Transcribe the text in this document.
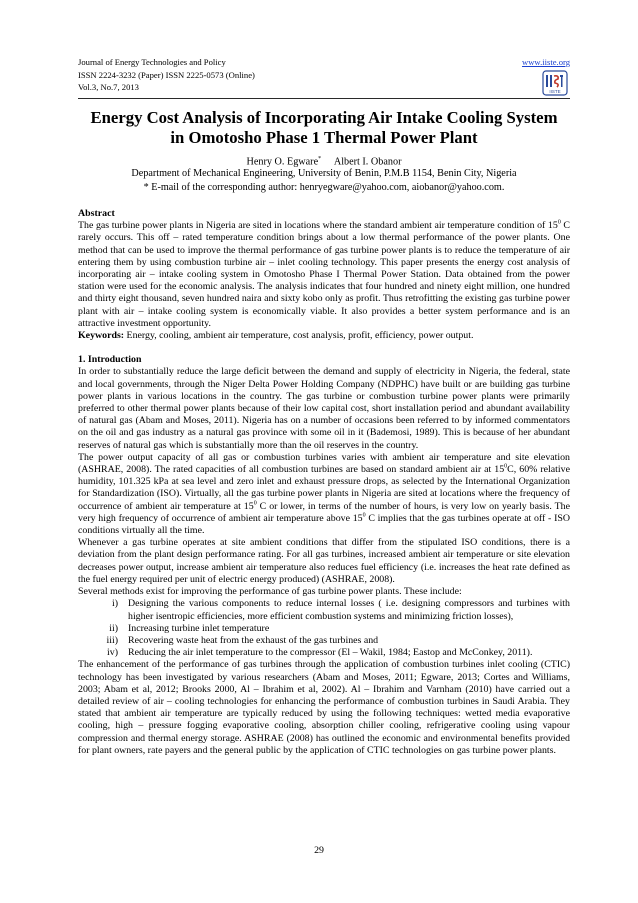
Journal of Energy Technologies and Policy	www.iiste.org
ISSN 2224-3232 (Paper) ISSN 2225-0573 (Online)
Vol.3, No.7, 2013	IISTE
Energy Cost Analysis of Incorporating Air Intake Cooling System
in Omotosho Phase 1 Thermal Power Plant
Henry O. Egware* Albert I. Obanor
Department of Mechanical Engineering, University of Benin, P.M.B 1154, Benin City, Nigeria
* E-mail of the corresponding author: henryegware@yahoo.com, aiobanor@yahoo.com.

Abstract

The gas turbine power plants in Nigeria are sited in locations where the standard ambient air temperature condition of $15^0$ C rarely occurs. This off – rated temperature condition brings about a low thermal performance of the power plants. One method that can be used to improve the thermal performance of gas turbine power plants is to reduce the temperature of air entering them by using combustion turbine air – inlet cooling technology. This paper presents the energy cost analysis of incorporating air – intake cooling system in Omotosho Phase I Thermal Power Station. Data obtained from the power station were used for the economic analysis. The analysis indicates that four hundred and ninety eight million, one hundred and thirty eight thousand, seven hundred naira and sixty kobo only as profit. Thus retrofitting the existing gas turbine power plant with air – intake cooling system is economically viable. It also provides a better system performance and is an attractive investment opportunity.

Keywords: Energy, cooling, ambient air temperature, cost analysis, profit, efficiency, power output.

1. Introduction

In order to substantially reduce the large deficit between the demand and supply of electricity in Nigeria, the federal, state and local governments, through the Niger Delta Power Holding Company (NDPHC) have built or are building gas turbine power plants in various locations in the country. The gas turbine or combustion turbine power plants were primarily preferred to other thermal power plants because of their low capital cost, short installation period and abundant availability of natural gas (Abam and Moses, 2011). Nigeria has on a number of occasions been referred to by informed commentators on the oil and gas industry as a natural gas province with some oil in it (Bademosi, 1989). This is because of her abundant reserves of natural gas which is substantially more than the oil reserves in the country.

The power output capacity of all gas or combustion turbines varies with ambient air temperature and site elevation (ASHRAE, 2008). The rated capacities of all combustion turbines are based on standard ambient air at $15^0C$, 60% relative humidity, 101.325 kPa at sea level and zero inlet and exhaust pressure drops, as selected by the International Organization for Standardization (ISO). Virtually, all the gas turbine power plants in Nigeria are sited at locations where the frequency of occurrence of ambient air temperature at $15^0$ C or lower, in terms of the number of hours, is very low on yearly basis. The very high frequency of occurrence of ambient air temperature above $15^0$ C implies that the gas turbines operate at off - ISO conditions virtually all the time.

Whenever a gas turbine operates at site ambient conditions that differ from the stipulated ISO conditions, there is a deviation from the plant design performance rating. For all gas turbines, increased ambient air temperature or site elevation decreases power output, increase ambient air temperature also reduces fuel efficiency (i.e. increases the heat rate defined as the fuel energy required per unit of electric energy produced) (ASHRAE, 2008).

Several methods exist for improving the performance of gas turbine power plants. These include:

i)	Designing the various components to reduce internal losses ( i.e. designing compressors and turbines with higher isentropic efficiencies, more efficient combustion systems and minimizing friction losses),
ii)	Increasing turbine inlet temperature
iii)	Recovering waste heat from the exhaust of the gas turbines and
iv)	Reducing the air inlet temperature to the compressor (El – Wakil, 1984; Eastop and McConkey, 2011).

The enhancement of the performance of gas turbines through the application of combustion turbines inlet cooling (CTIC) technology has been investigated by various researchers (Abam and Moses, 2011; Egware, 2013; Cortes and Williams, 2003; Abam et al, 2012; Brooks 2000, Al – Ibrahim et al, 2002). Al – Ibrahim and Varnham (2010) have carried out a detailed review of air – cooling technologies for enhancing the performance of combustion turbines in Saudi Arabia. They stated that ambient air temperature are typically reduced by using the following techniques: wetted media evaporative cooling, high – pressure fogging evaporative cooling, absorption chiller cooling, refrigerative cooling using vapour compression and thermal energy storage. ASHRAE (2008) has outlined the economic and environmental benefits provided for plant owners, rate payers and the general public by the application of CTIC technologies on gas turbine power plants.

29
